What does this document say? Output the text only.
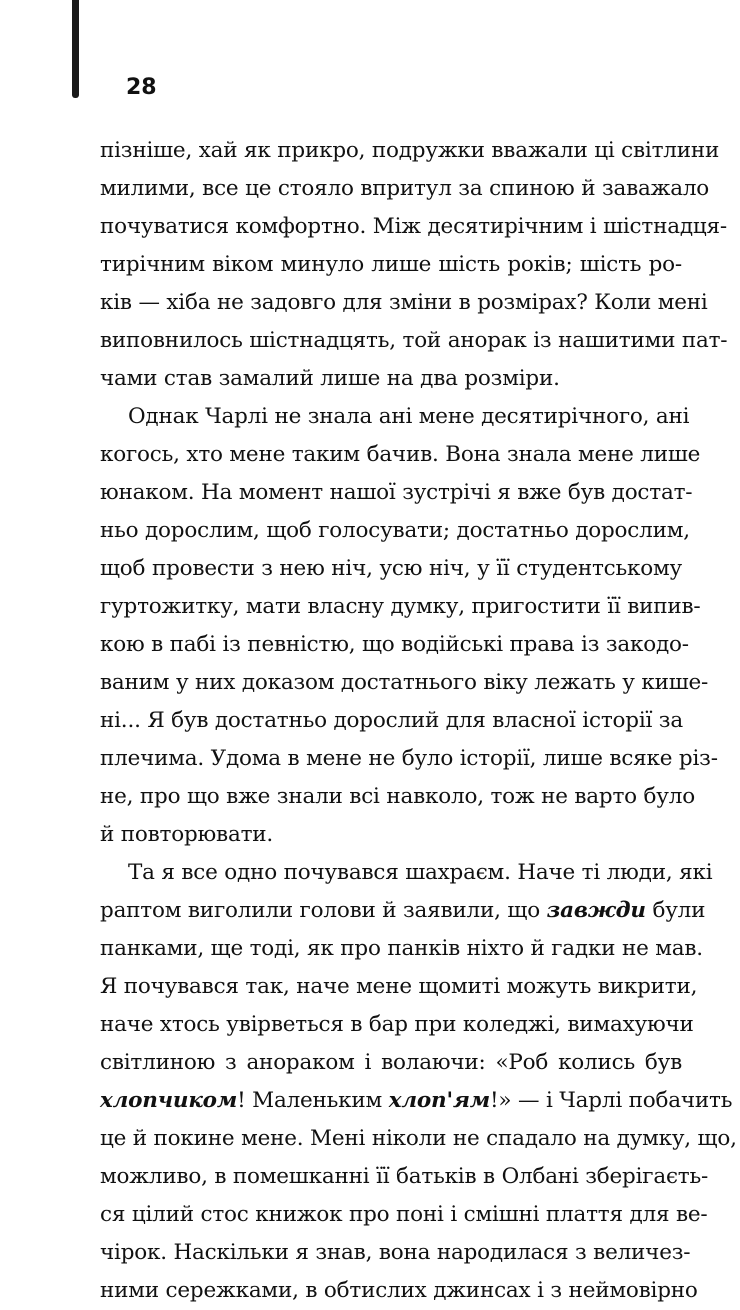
28
пізніше, хай як прикро, подружки вважали ці світлини
милими, все це стояло впритул за спиною й заважало
почуватися комфортно. Між десятирічним і шістнадця-
тирічним віком минуло лише шість років; шість ро-
ків — хіба не задовго для зміни в розмірах? Коли мені
виповнилось шістнадцять, той анорак із нашитими пат-
чами став замалий лише на два розміри.
Однак Чарлі не знала ані мене десятирічного, ані
когось, хто мене таким бачив. Вона знала мене лише
юнаком. На момент нашої зустрічі я вже був достат-
ньо дорослим, щоб голосувати; достатньо дорослим,
щоб провести з нею ніч, усю ніч, у її студентському
гуртожитку, мати власну думку, пригостити її випив-
кою в пабі із певністю, що водійські права із закодо-
ваним у них доказом достатнього віку лежать у кише-
ні... Я був достатньо дорослий для власної історії за
плечима. Удома в мене не було історії, лише всяке різ-
не, про що вже знали всі навколо, тож не варто було
й повторювати.
Та я все одно почувався шахраєм. Наче ті люди, які
раптом виголили голови й заявили, що завжди були
панками, ще тоді, як про панків ніхто й гадки не мав.
Я почувався так, наче мене щомиті можуть викрити,
наче хтось увірветься в бар при коледжі, вимахуючи
світлиною з анораком і волаючи: «Роб колись був
хлопчиком! Маленьким хлоп'ям!» — і Чарлі побачить
це й покине мене. Мені ніколи не спадало на думку, що,
можливо, в помешканні її батьків в Олбані зберігаєть-
ся цілий стос книжок про поні і смішні плаття для ве-
чірок. Наскільки я знав, вона народилася з величез-
ними сережками, в обтислих джинсах і з неймовірно
